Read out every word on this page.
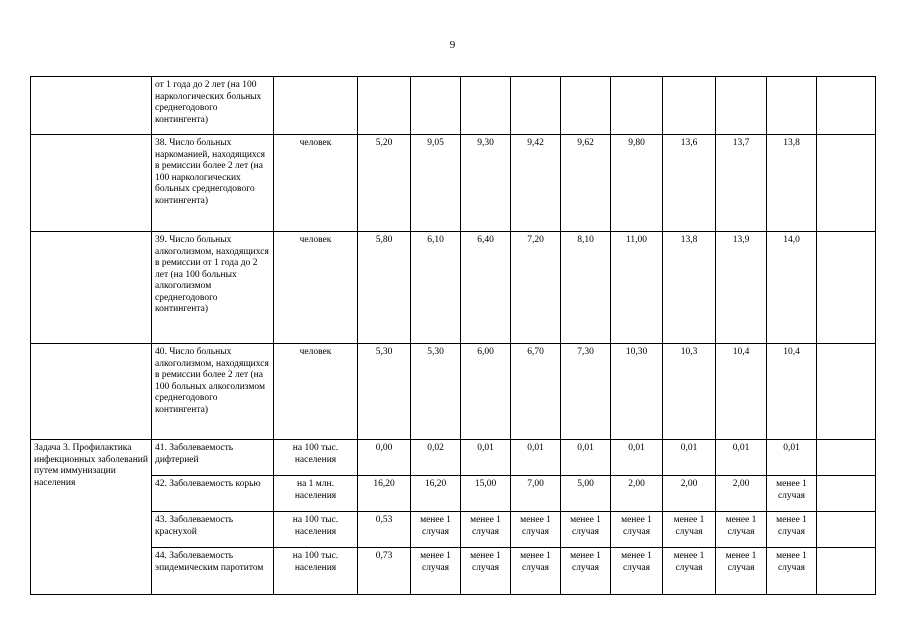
9
	от 1 года до 2 лет (на 100 наркологических больных среднегодового контингента)											
	38. Число больных наркоманией, находящихся в ремиссии более 2 лет (на 100 наркологических больных среднегодового контингента)	человек	5,20	9,05	9,30	9,42	9,62	9,80	13,6	13,7	13,8	
	39. Число больных алкоголизмом, находящихся в ремиссии от 1 года до 2 лет (на 100 больных алкоголизмом среднегодового контингента)	человек	5,80	6,10	6,40	7,20	8,10	11,00	13,8	13,9	14,0	
	40. Число больных алкоголизмом, находящихся в ремиссии более 2 лет (на 100 больных алкоголизмом среднегодового контингента)	человек	5,30	5,30	6,00	6,70	7,30	10,30	10,3	10,4	10,4	
Задача 3. Профилактика инфекционных заболеваний путем иммунизации населения	41. Заболеваемость дифтерией	на 100 тыс. населения	0,00	0,02	0,01	0,01	0,01	0,01	0,01	0,01	0,01	
	42. Заболеваемость корью	на 1 млн. населения	16,20	16,20	15,00	7,00	5,00	2,00	2,00	2,00	менее 1 случая	
	43. Заболеваемость краснухой	на 100 тыс. населения	0,53	менее 1 случая	менее 1 случая	менее 1 случая	менее 1 случая	менее 1 случая	менее 1 случая	менее 1 случая	менее 1 случая	
	44. Заболеваемость эпидемическим паротитом	на 100 тыс. населения	0,73	менее 1 случая	менее 1 случая	менее 1 случая	менее 1 случая	менее 1 случая	менее 1 случая	менее 1 случая	менее 1 случая	
